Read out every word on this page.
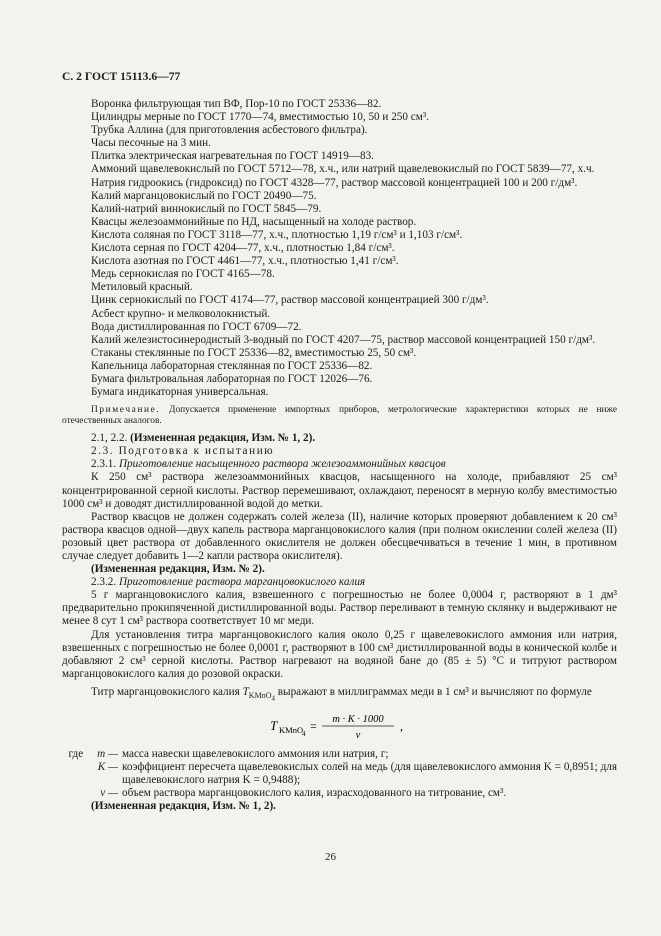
С. 2 ГОСТ 15113.6—77
Воронка фильтрующая тип ВФ, Пор-10 по ГОСТ 25336—82.
Цилиндры мерные по ГОСТ 1770—74, вместимостью 10, 50 и 250 см³.
Трубка Аллина (для приготовления асбестового фильтра).
Часы песочные на 3 мин.
Плитка электрическая нагревательная по ГОСТ 14919—83.
Аммоний щавелевокислый по ГОСТ 5712—78, х.ч., или натрий щавелевокислый по ГОСТ 5839—77, х.ч.
Натрия гидроокись (гидроксид) по ГОСТ 4328—77, раствор массовой концентрацией 100 и 200 г/дм³.
Калий марганцовокислый по ГОСТ 20490—75.
Калий-натрий виннокислый по ГОСТ 5845—79.
Квасцы железоаммонийные по НД, насыщенный на холоде раствор.
Кислота соляная по ГОСТ 3118—77, х.ч., плотностью 1,19 г/см³ и 1,103 г/см³.
Кислота серная по ГОСТ 4204—77, х.ч., плотностью 1,84 г/см³.
Кислота азотная по ГОСТ 4461—77, х.ч., плотностью 1,41 г/см³.
Медь сернокислая по ГОСТ 4165—78.
Метиловый красный.
Цинк сернокислый по ГОСТ 4174—77, раствор массовой концентрацией 300 г/дм³.
Асбест крупно- и мелковолокнистый.
Вода дистиллированная по ГОСТ 6709—72.
Калий железистосинеродистый 3-водный по ГОСТ 4207—75, раствор массовой концентрацией 150 г/дм³.
Стаканы стеклянные по ГОСТ 25336—82, вместимостью 25, 50 см³.
Капельница лабораторная стеклянная по ГОСТ 25336—82.
Бумага фильтровальная лабораторная по ГОСТ 12026—76.
Бумага индикаторная универсальная.
Примечание. Допускается применение импортных приборов, метрологические характеристики которых не ниже отечественных аналогов.
2.1, 2.2. (Измененная редакция, Изм. № 1, 2).
2.3. Подготовка к испытанию
2.3.1. Приготовление насыщенного раствора железоаммонийных квасцов
К 250 см³ раствора железоаммонийных квасцов, насыщенного на холоде, прибавляют 25 см³ концентрированной серной кислоты. Раствор перемешивают, охлаждают, переносят в мерную колбу вместимостью 1000 см³ и доводят дистиллированной водой до метки.
Раствор квасцов не должен содержать солей железа (II), наличие которых проверяют добавлением к 20 см³ раствора квасцов одной—двух капель раствора марганцовокислого калия (при полном окислении солей железа (II) розовый цвет раствора от добавленного окислителя не должен обесцвечиваться в течение 1 мин, в противном случае следует добавить 1—2 капли раствора окислителя).
(Измененная редакция, Изм. № 2).
2.3.2. Приготовление раствора марганцовокислого калия
5 г марганцовокислого калия, взвешенного с погрешностью не более 0,0004 г, растворяют в 1 дм³ предварительно прокипяченной дистиллированной воды. Раствор переливают в темную склянку и выдерживают не менее 8 сут 1 см³ раствора соответствует 10 мг меди.
Для установления титра марганцовокислого калия около 0,25 г щавелевокислого аммония или натрия, взвешенных с погрешностью не более 0,0001 г, растворяют в 100 см³ дистиллированной воды в конической колбе и добавляют 2 см³ серной кислоты. Раствор нагревают на водяной бане до (85 ± 5) °С и титруют раствором марганцовокислого калия до розовой окраски.
Титр марганцовокислого калия $T_{KMnO_4}$ выражают в миллиграммах меди в 1 см³ и вычисляют по формуле
T KMnO
4
= m · K · 1000
v
,
где m — масса навески щавелевокислого аммония или натрия, г;
K — коэффициент пересчета щавелевокислых солей на медь (для щавелевокислого аммония K = 0,8951; для щавелевокислого натрия K = 0,9488);
v — объем раствора марганцовокислого калия, израсходованного на титрование, см³.
(Измененная редакция, Изм. № 1, 2).
26
